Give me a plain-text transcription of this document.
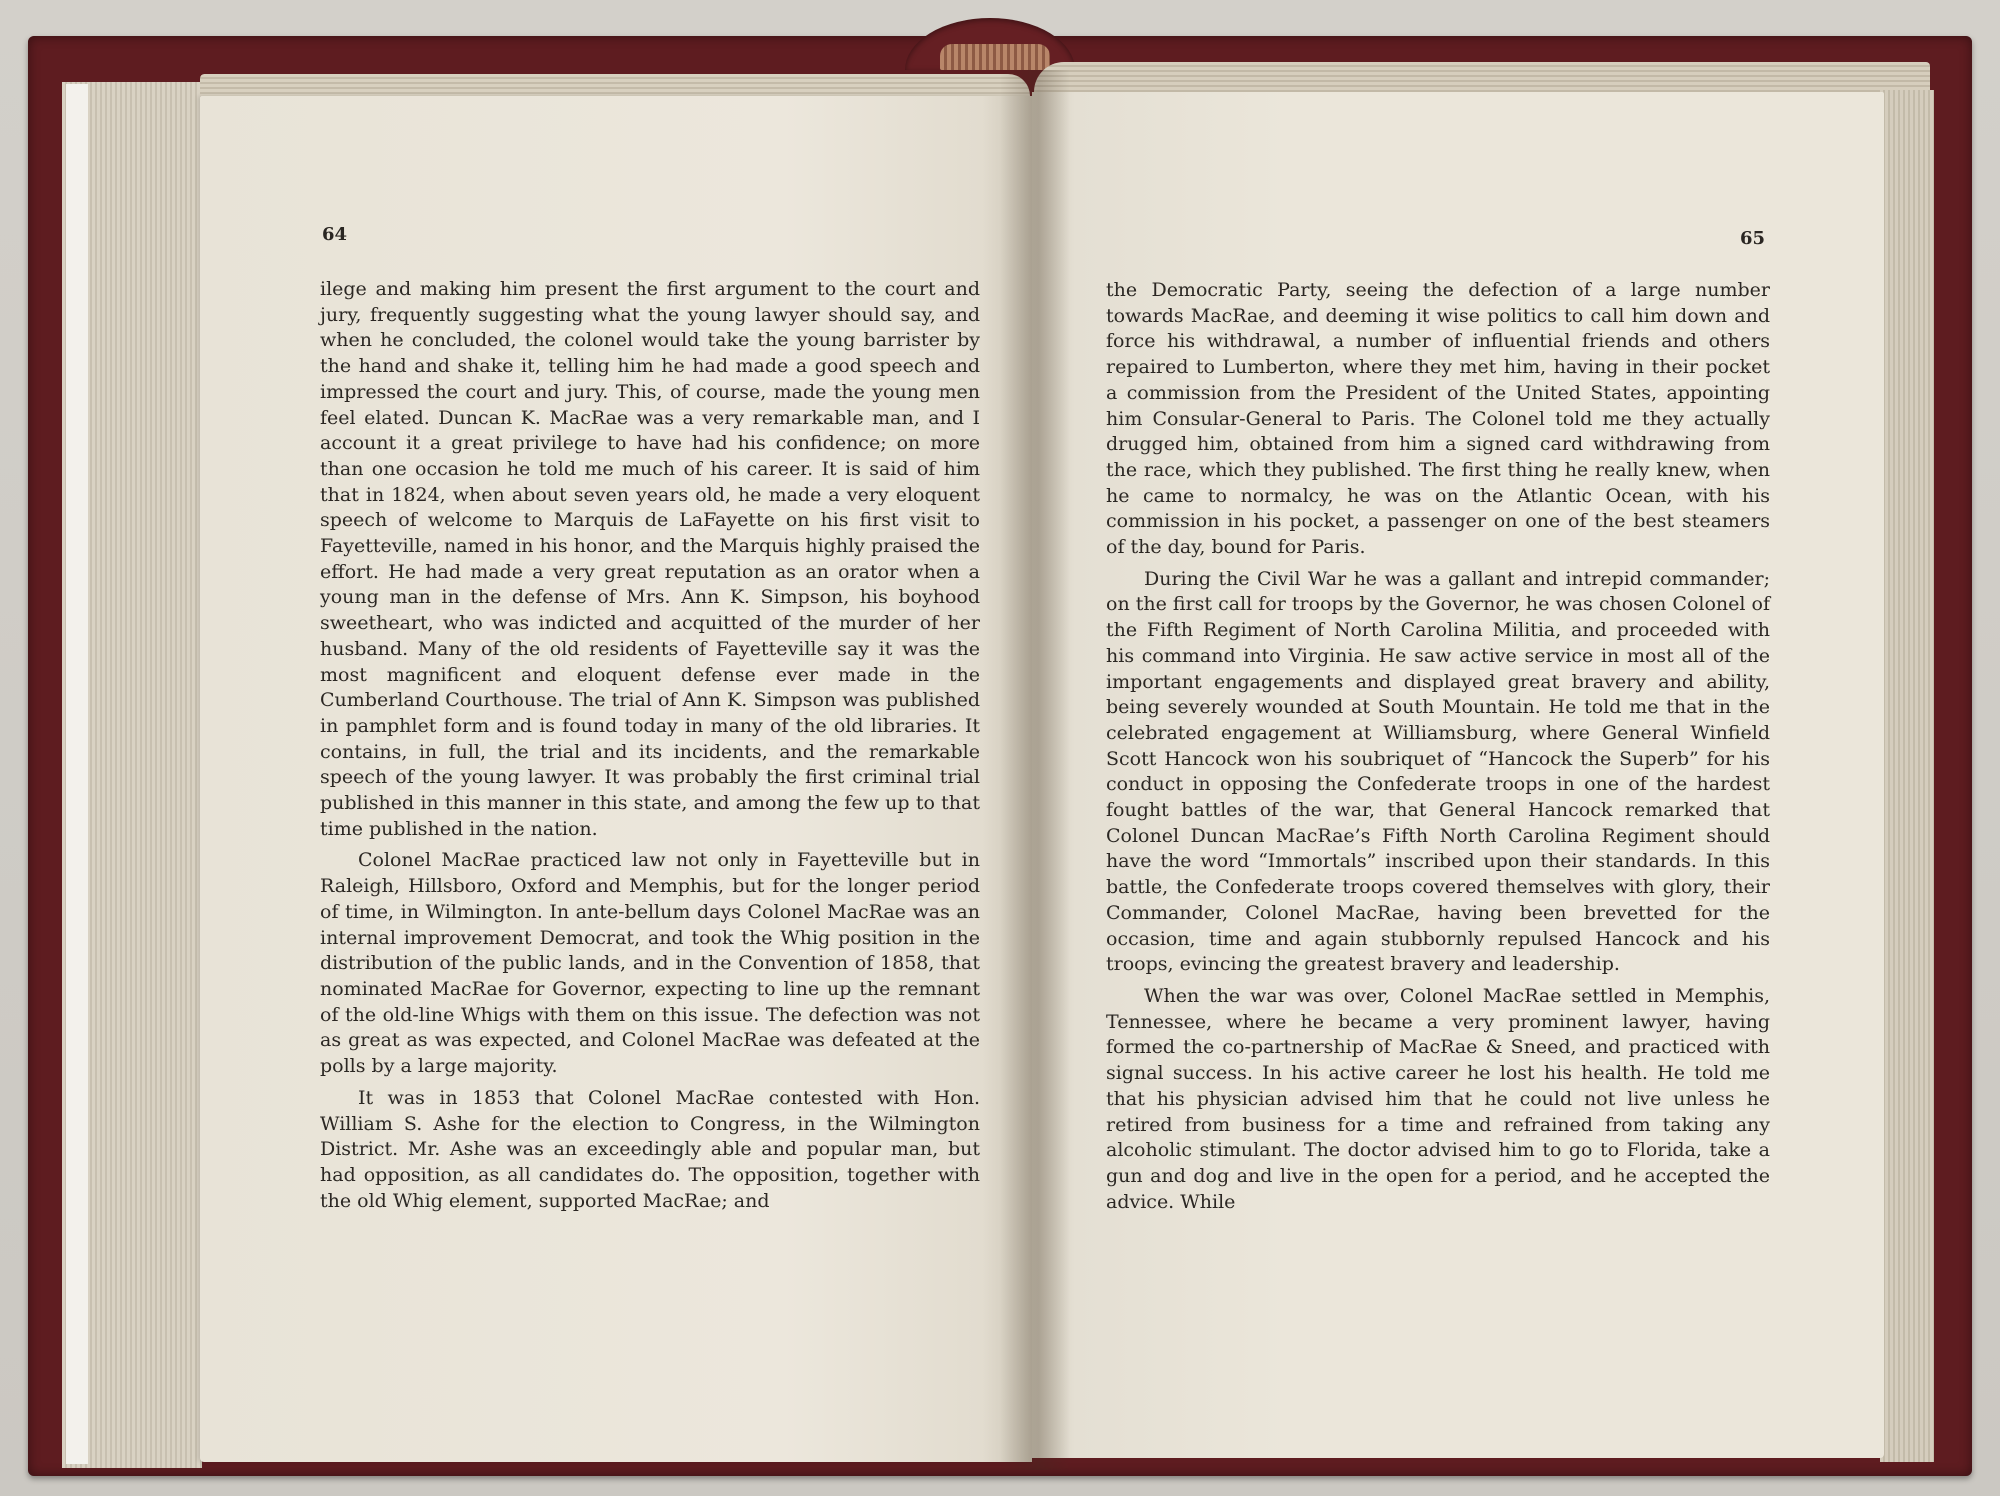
64	65

ilege and making him present the first argument to the court and jury, frequently suggesting what the young lawyer should say, and when he concluded, the colonel would take the young barrister by the hand and shake it, telling him he had made a good speech and impressed the court and jury. This, of course, made the young men feel elated. Duncan K. MacRae was a very remarkable man, and I account it a great privilege to have had his confidence; on more than one occasion he told me much of his career. It is said of him that in 1824, when about seven years old, he made a very eloquent speech of welcome to Marquis de LaFayette on his first visit to Fayetteville, named in his honor, and the Marquis highly praised the effort. He had made a very great reputation as an orator when a young man in the defense of Mrs. Ann K. Simpson, his boyhood sweetheart, who was indicted and acquitted of the murder of her husband. Many of the old residents of Fayetteville say it was the most magnificent and eloquent defense ever made in the Cumberland Courthouse. The trial of Ann K. Simpson was published in pamphlet form and is found today in many of the old libraries. It contains, in full, the trial and its incidents, and the remarkable speech of the young lawyer. It was probably the first criminal trial published in this manner in this state, and among the few up to that time published in the nation.

Colonel MacRae practiced law not only in Fayetteville but in Raleigh, Hillsboro, Oxford and Memphis, but for the longer period of time, in Wilmington. In ante-bellum days Colonel MacRae was an internal improvement Democrat, and took the Whig position in the distribution of the public lands, and in the Convention of 1858, that nominated MacRae for Governor, expecting to line up the remnant of the old-line Whigs with them on this issue. The defection was not as great as was expected, and Colonel MacRae was defeated at the polls by a large majority.

It was in 1853 that Colonel MacRae contested with Hon. William S. Ashe for the election to Congress, in the Wilmington District. Mr. Ashe was an exceedingly able and popular man, but had opposition, as all candidates do. The opposition, together with the old Whig element, supported MacRae; and

the Democratic Party, seeing the defection of a large number towards MacRae, and deeming it wise politics to call him down and force his withdrawal, a number of influential friends and others repaired to Lumberton, where they met him, having in their pocket a commission from the President of the United States, appointing him Consular-General to Paris. The Colonel told me they actually drugged him, obtained from him a signed card withdrawing from the race, which they published. The first thing he really knew, when he came to normalcy, he was on the Atlantic Ocean, with his commission in his pocket, a passenger on one of the best steamers of the day, bound for Paris.

During the Civil War he was a gallant and intrepid commander; on the first call for troops by the Governor, he was chosen Colonel of the Fifth Regiment of North Carolina Militia, and proceeded with his command into Virginia. He saw active service in most all of the important engagements and displayed great bravery and ability, being severely wounded at South Mountain. He told me that in the celebrated engagement at Williamsburg, where General Winfield Scott Hancock won his soubriquet of “Hancock the Superb” for his conduct in opposing the Confederate troops in one of the hardest fought battles of the war, that General Hancock remarked that Colonel Duncan MacRae’s Fifth North Carolina Regiment should have the word “Immortals” inscribed upon their standards. In this battle, the Confederate troops covered themselves with glory, their Commander, Colonel MacRae, having been brevetted for the occasion, time and again stubbornly repulsed Hancock and his troops, evincing the greatest bravery and leadership.

When the war was over, Colonel MacRae settled in Memphis, Tennessee, where he became a very prominent lawyer, having formed the co-partnership of MacRae & Sneed, and practiced with signal success. In his active career he lost his health. He told me that his physician advised him that he could not live unless he retired from business for a time and refrained from taking any alcoholic stimulant. The doctor advised him to go to Florida, take a gun and dog and live in the open for a period, and he accepted the advice. While
